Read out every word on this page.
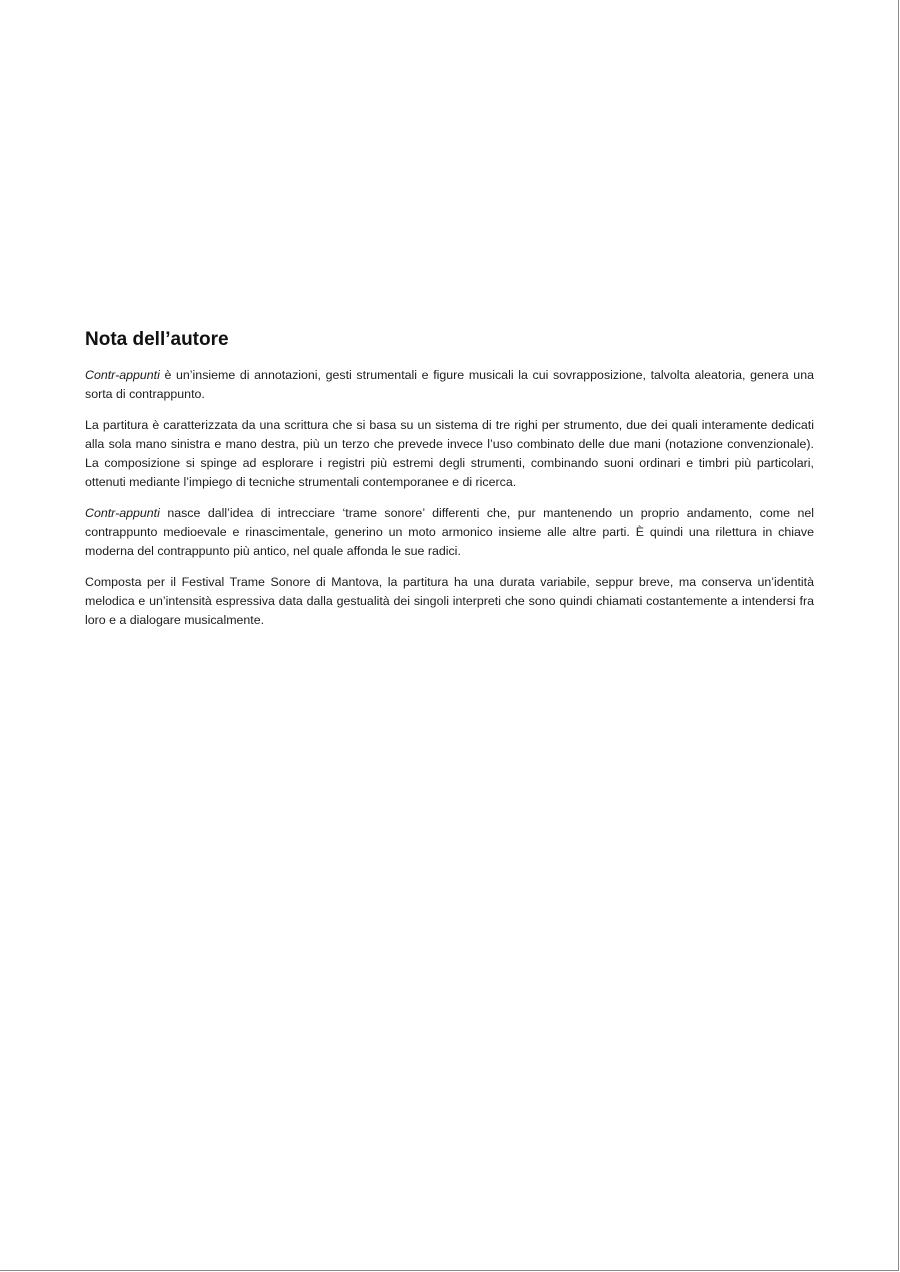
Nota dell’autore

Contr-appunti è un’insieme di annotazioni, gesti strumentali e figure musicali la cui sovrapposizione, talvolta aleatoria, genera una sorta di contrappunto.

La partitura è caratterizzata da una scrittura che si basa su un sistema di tre righi per strumento, due dei quali interamente dedicati alla sola mano sinistra e mano destra, più un terzo che prevede invece l’uso combinato delle due mani (notazione convenzionale). La composizione si spinge ad esplorare i registri più estremi degli strumenti, combinando suoni ordinari e timbri più particolari, ottenuti mediante l’impiego di tecniche strumentali contemporanee e di ricerca.

Contr-appunti nasce dall’idea di intrecciare ‘trame sonore’ differenti che, pur mantenendo un proprio andamento, come nel contrappunto medioevale e rinascimentale, generino un moto armonico insieme alle altre parti. È quindi una rilettura in chiave moderna del contrappunto più antico, nel quale affonda le sue radici.

Composta per il Festival Trame Sonore di Mantova, la partitura ha una durata variabile, seppur breve, ma conserva un’identità melodica e un’intensità espressiva data dalla gestualità dei singoli interpreti che sono quindi chiamati costantemente a intendersi fra loro e a dialogare musicalmente.
